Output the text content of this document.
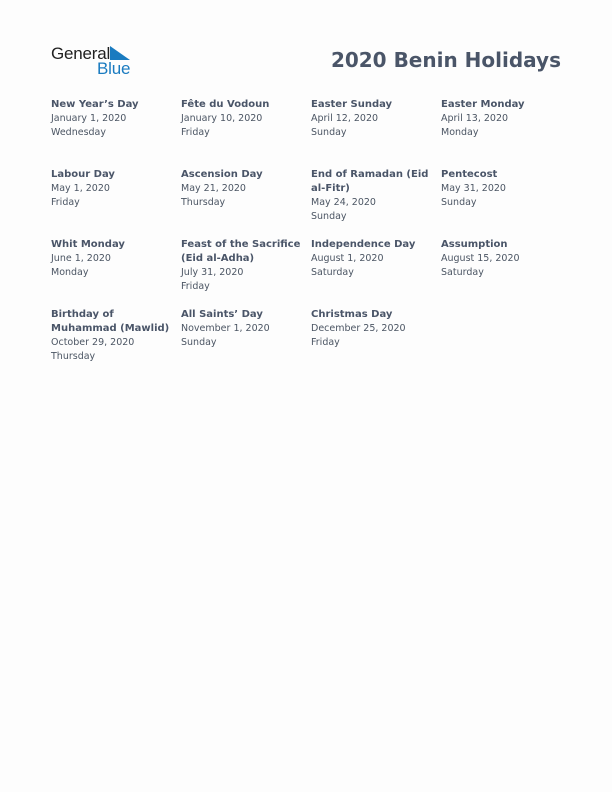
General
Blue	2020 Benin Holidays
New Year’s Day
January 1, 2020
Wednesday
Fête du Vodoun
January 10, 2020
Friday
Easter Sunday
April 12, 2020
Sunday
Easter Monday
April 13, 2020
Monday
Labour Day
May 1, 2020
Friday
Ascension Day
May 21, 2020
Thursday
End of Ramadan (Eid al-Fitr)
May 24, 2020
Sunday
Pentecost
May 31, 2020
Sunday
Whit Monday
June 1, 2020
Monday
Feast of the Sacrifice (Eid al-Adha)
July 31, 2020
Friday
Independence Day
August 1, 2020
Saturday
Assumption
August 15, 2020
Saturday
Birthday of Muhammad (Mawlid)
October 29, 2020
Thursday
All Saints’ Day
November 1, 2020
Sunday
Christmas Day
December 25, 2020
Friday
